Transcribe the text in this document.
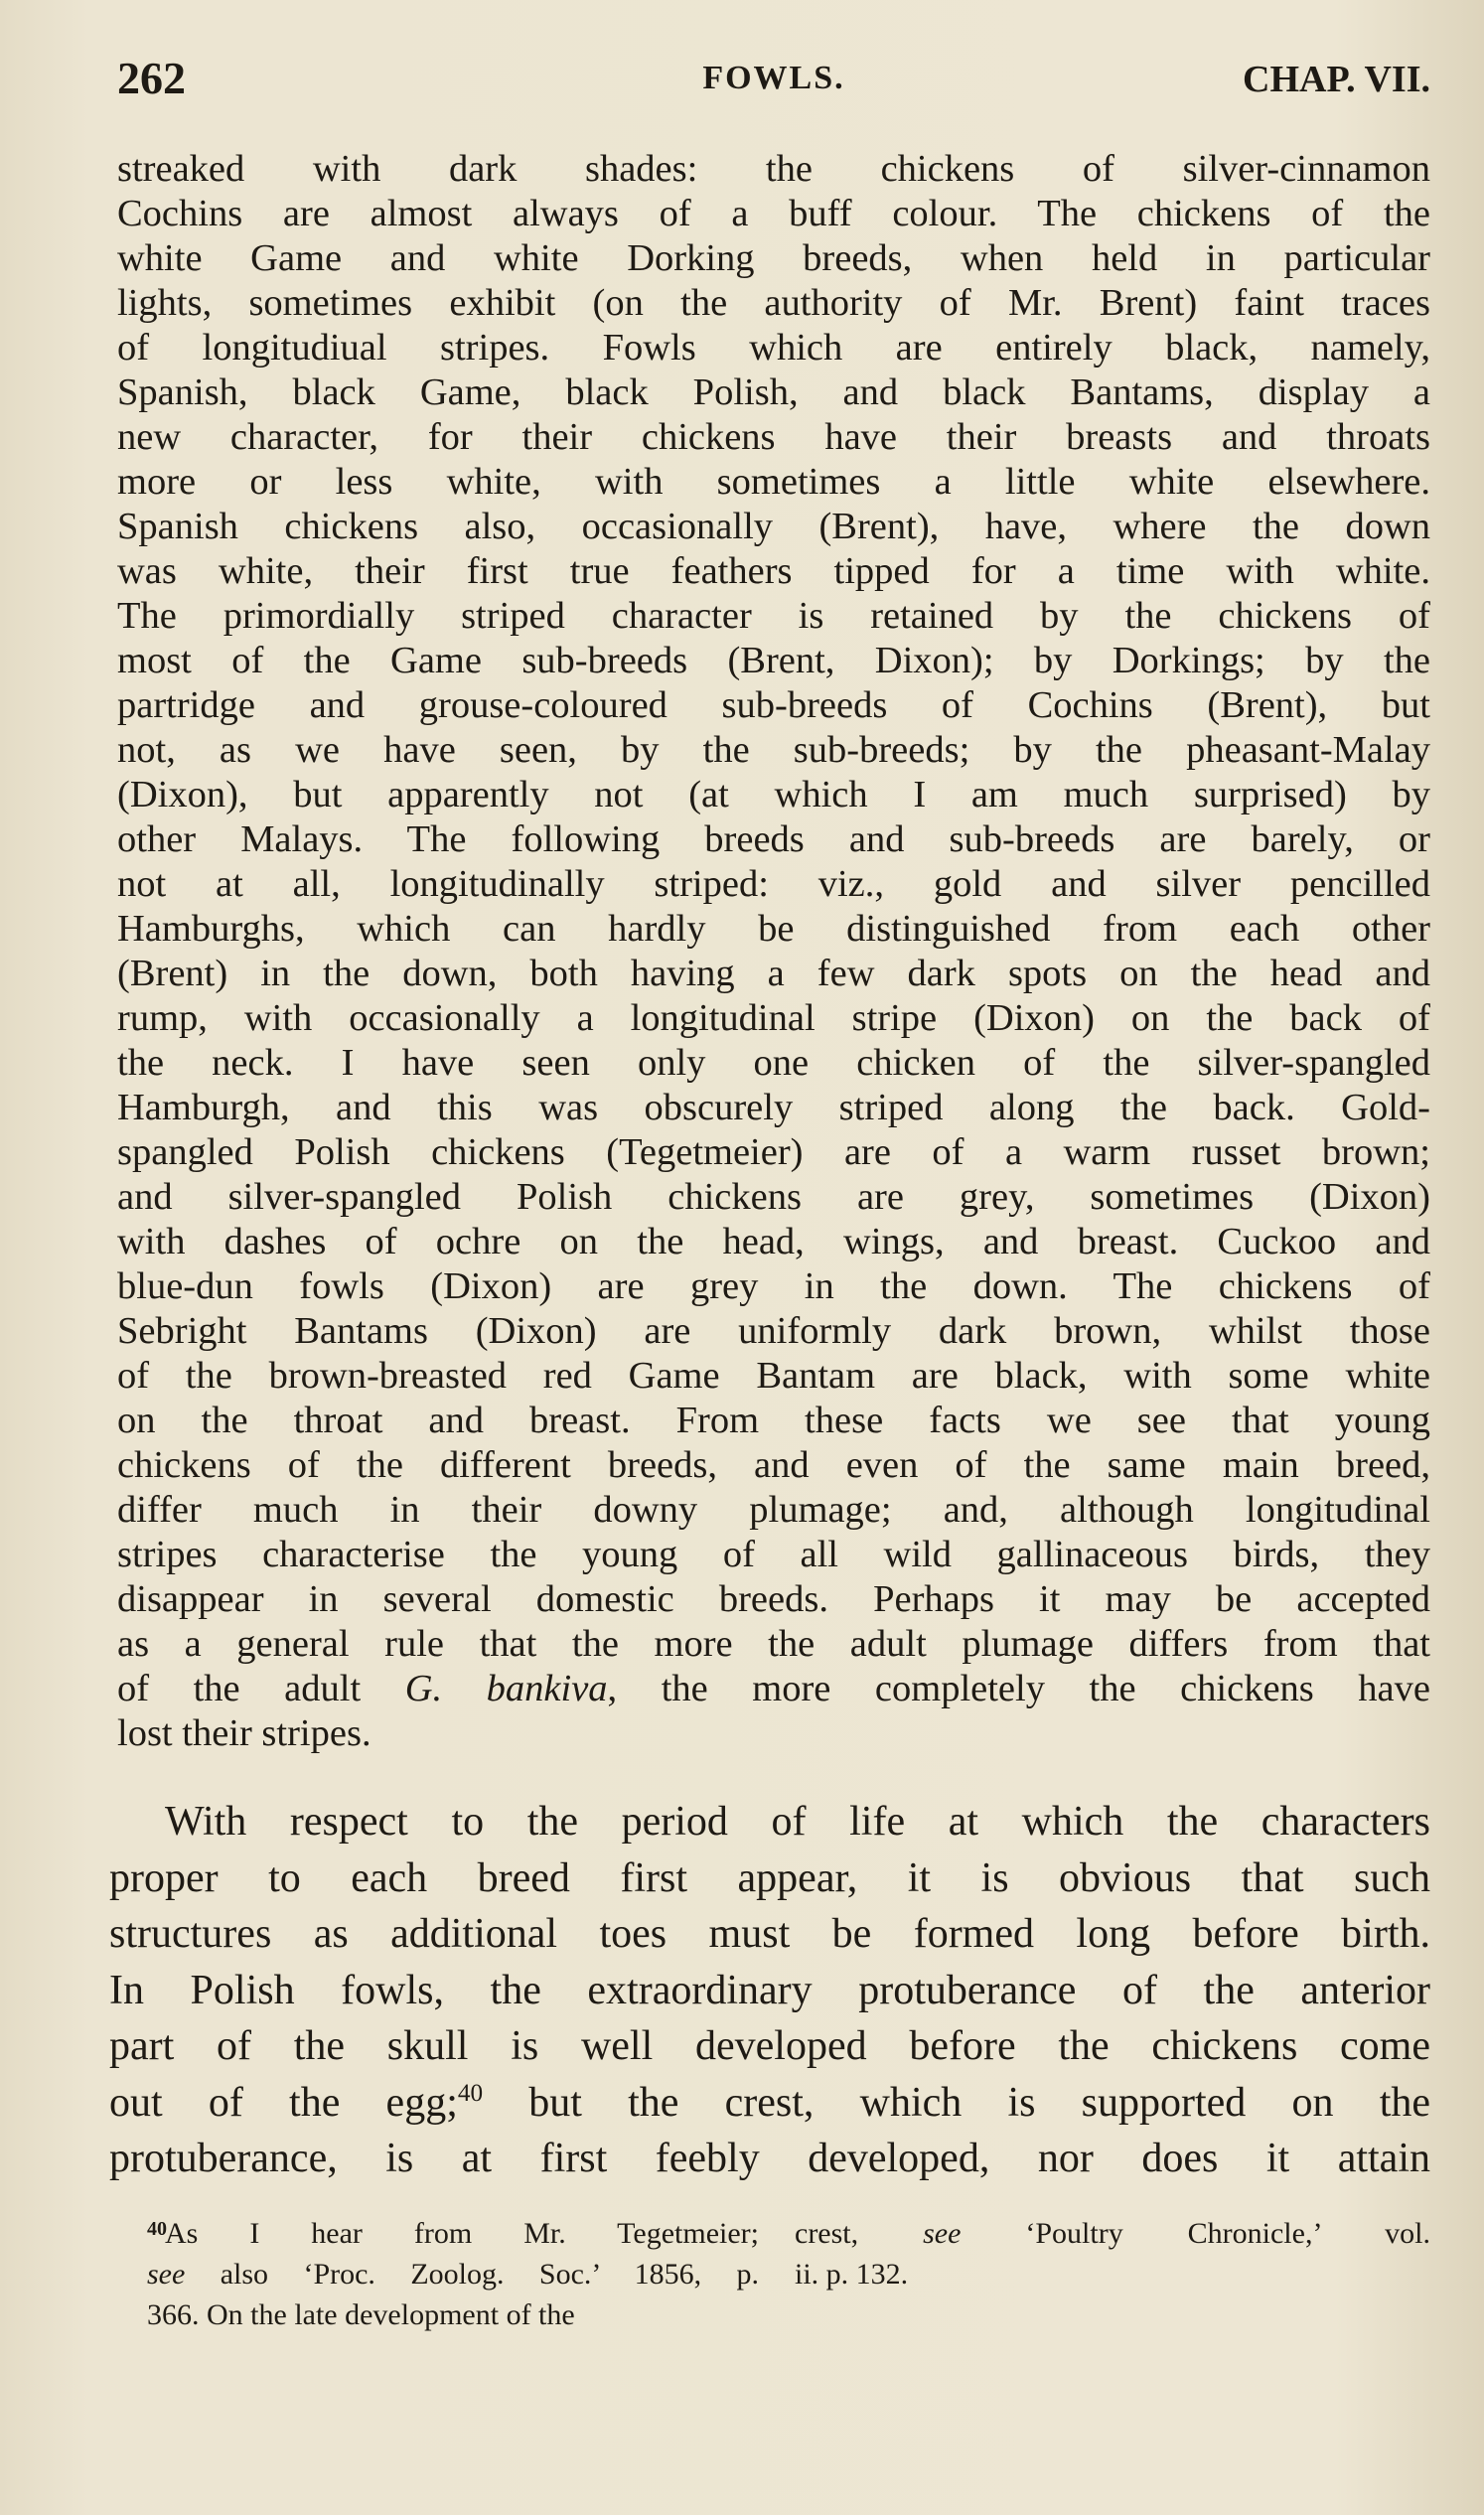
262	FOWLS.	CHAP. VII.
streaked with dark shades: the chickens of silver-cinnamon
Cochins are almost always of a buff colour. The chickens of the
white Game and white Dorking breeds, when held in particular
lights, sometimes exhibit (on the authority of Mr. Brent) faint traces
of longitudiual stripes. Fowls which are entirely black, namely,
Spanish, black Game, black Polish, and black Bantams, display a
new character, for their chickens have their breasts and throats
more or less white, with sometimes a little white elsewhere.
Spanish chickens also, occasionally (Brent), have, where the down
was white, their first true feathers tipped for a time with white.
The primordially striped character is retained by the chickens of
most of the Game sub-breeds (Brent, Dixon); by Dorkings; by the
partridge and grouse-coloured sub-breeds of Cochins (Brent), but
not, as we have seen, by the sub-breeds; by the pheasant-Malay
(Dixon), but apparently not (at which I am much surprised) by
other Malays. The following breeds and sub-breeds are barely, or
not at all, longitudinally striped: viz., gold and silver pencilled
Hamburghs, which can hardly be distinguished from each other
(Brent) in the down, both having a few dark spots on the head and
rump, with occasionally a longitudinal stripe (Dixon) on the back of
the neck. I have seen only one chicken of the silver-spangled
Hamburgh, and this was obscurely striped along the back. Gold-
spangled Polish chickens (Tegetmeier) are of a warm russet brown;
and silver-spangled Polish chickens are grey, sometimes (Dixon)
with dashes of ochre on the head, wings, and breast. Cuckoo and
blue-dun fowls (Dixon) are grey in the down. The chickens of
Sebright Bantams (Dixon) are uniformly dark brown, whilst those
of the brown-breasted red Game Bantam are black, with some white
on the throat and breast. From these facts we see that young
chickens of the different breeds, and even of the same main breed,
differ much in their downy plumage; and, although longitudinal
stripes characterise the young of all wild gallinaceous birds, they
disappear in several domestic breeds. Perhaps it may be accepted
as a general rule that the more the adult plumage differs from that
of the adult G. bankiva, the more completely the chickens have
lost their stripes.
With respect to the period of life at which the characters
proper to each breed first appear, it is obvious that such
structures as additional toes must be formed long before birth.
In Polish fowls, the extraordinary protuberance of the anterior
part of the skull is well developed before the chickens come
out of the egg;$^{40}$ but the crest, which is supported on the
protuberance, is at first feebly developed, nor does it attain
40
As I hear from Mr. Tegetmeier;
see also ‘Proc. Zoolog. Soc.’ 1856, p.
366. On the late development of the
crest, see ‘Poultry Chronicle,’ vol.
ii. p. 132.
